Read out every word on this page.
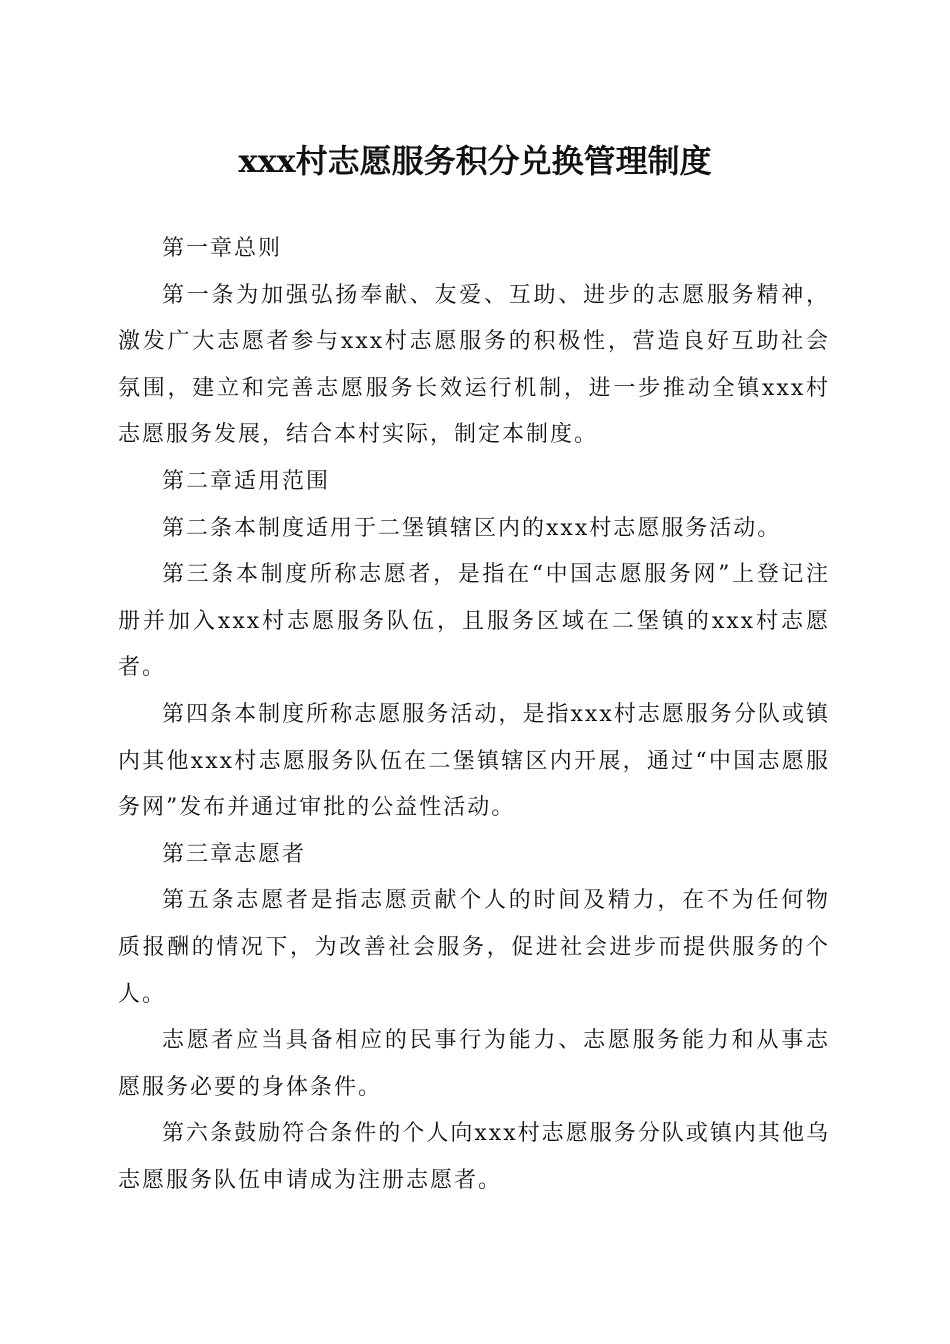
xxx村志愿服务积分兑换管理制度

第一章总则

第一条为加强弘扬奉献、友爱、互助、进步的志愿服务精神，激发广大志愿者参与xxx村志愿服务的积极性，营造良好互助社会氛围，建立和完善志愿服务长效运行机制，进一步推动全镇xxx村志愿服务发展，结合本村实际，制定本制度。

第二章适用范围

第二条本制度适用于二堡镇辖区内的xxx村志愿服务活动。

第三条本制度所称志愿者，是指在“中国志愿服务网”上登记注册并加入xxx村志愿服务队伍，且服务区域在二堡镇的xxx村志愿者。

第四条本制度所称志愿服务活动，是指xxx村志愿服务分队或镇内其他xxx村志愿服务队伍在二堡镇辖区内开展，通过“中国志愿服务网”发布并通过审批的公益性活动。

第三章志愿者

第五条志愿者是指志愿贡献个人的时间及精力，在不为任何物质报酬的情况下，为改善社会服务，促进社会进步而提供服务的个人。

志愿者应当具备相应的民事行为能力、志愿服务能力和从事志愿服务必要的身体条件。

第六条鼓励符合条件的个人向xxx村志愿服务分队或镇内其他乌志愿服务队伍申请成为注册志愿者。
